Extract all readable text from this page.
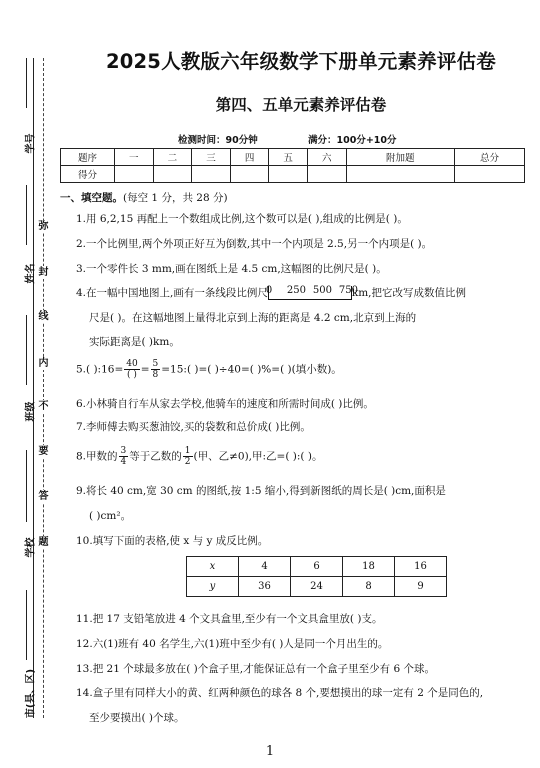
学号
姓名
班级
学校
市(县、区)
弥
封
线
内
不
要
答
题
2025人教版六年级数学下册单元素养评估卷
第四、五单元素养评估卷
检测时间：90分钟	满分：100分+10分
题序	一	二	三	四	五	六	附加题	总分
得分								
一、填空题。(每空 1 分，共 28 分)
1.用 6,2,15 再配上一个数组成比例,这个数可以是( ),组成的比例是( )。
2.一个比例里,两个外项正好互为倒数,其中一个内项是 2.5,另一个内项是( )。
3.一个零件长 3 mm,画在图纸上是 4.5 cm,这幅图的比例尺是( )。
4.在一幅中国地图上,画有一条线段比例尺
0 250 500 750
km,把它改写成数值比例
尺是( )。在这幅地图上量得北京到上海的距离是 4.2 cm,北京到上海的
实际距离是( )km。
5.( ):16= $\frac{40}{( )} = \frac{5}{8}$ =15:( )=( )÷40=( )%=( )(填小数)。
6.小林骑自行车从家去学校,他骑车的速度和所需时间成( )比例。
7.李师傅去购买葱油饺,买的袋数和总价成( )比例。
8.甲数的 $\frac{3}{4}$ 等于乙数的 $\frac{1}{2}$ (甲、乙≠0),甲:乙=( ):( )。
9.将长 40 cm,宽 30 cm 的图纸,按 1:5 缩小,得到新图纸的周长是( )cm,面积是
( )cm²。
10.填写下面的表格,使 x 与 y 成反比例。
x	4	6	18	16
y	36	24	8	9
11.把 17 支铅笔放进 4 个文具盒里,至少有一个文具盒里放( )支。
12.六(1)班有 40 名学生,六(1)班中至少有( )人是同一个月出生的。
13.把 21 个球最多放在( )个盒子里,才能保证总有一个盒子里至少有 6 个球。
14.盒子里有同样大小的黄、红两种颜色的球各 8 个,要想摸出的球一定有 2 个是同色的,
至少要摸出( )个球。
1
